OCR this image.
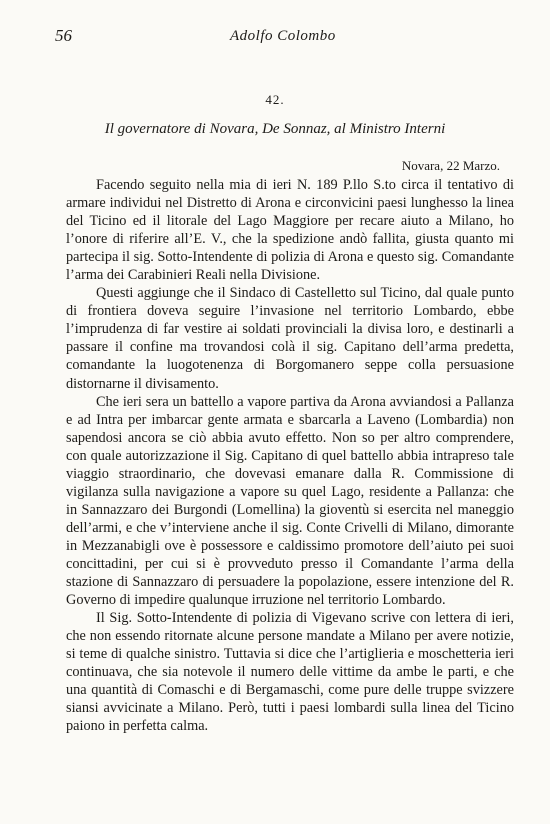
56	Adolfo Colombo
42.
Il governatore di Novara, De Sonnaz, al Ministro Interni
Novara, 22 Marzo.

Facendo seguito nella mia di ieri N. 189 P.llo S.to circa il tentativo di armare individui nel Distretto di Arona e circonvicini paesi lunghesso la linea del Ticino ed il litorale del Lago Maggiore per recare aiuto a Milano, ho l’onore di riferire all’E. V., che la spedizione andò fallita, giusta quanto mi partecipa il sig. Sotto-Intendente di polizia di Arona e questo sig. Comandante l’arma dei Carabinieri Reali nella Divisione.

Questi aggiunge che il Sindaco di Castelletto sul Ticino, dal quale punto di frontiera doveva seguire l’invasione nel territorio Lombardo, ebbe l’imprudenza di far vestire ai soldati provinciali la divisa loro, e destinarli a passare il confine ma trovandosi colà il sig. Capitano dell’arma predetta, comandante la luogotenenza di Borgomanero seppe colla persuasione distornarne il divisamento.

Che ieri sera un battello a vapore partiva da Arona avviandosi a Pallanza e ad Intra per imbarcar gente armata e sbarcarla a Laveno (Lombardia) non sapendosi ancora se ciò abbia avuto effetto. Non so per altro comprendere, con quale autorizzazione il Sig. Capitano di quel battello abbia intrapreso tale viaggio straordinario, che dovevasi emanare dalla R. Commissione di vigilanza sulla navigazione a vapore su quel Lago, residente a Pallanza: che in Sannazzaro dei Burgondi (Lomellina) la gioventù si esercita nel maneggio dell’armi, e che v’interviene anche il sig. Conte Crivelli di Milano, dimorante in Mezzanabigli ove è possessore e caldissimo promotore dell’aiuto pei suoi concittadini, per cui si è provveduto presso il Comandante l’arma della stazione di Sannazzaro di persuadere la popolazione, essere intenzione del R. Governo di impedire qualunque irruzione nel territorio Lombardo.

Il Sig. Sotto-Intendente di polizia di Vigevano scrive con lettera di ieri, che non essendo ritornate alcune persone mandate a Milano per avere notizie, si teme di qualche sinistro. Tuttavia si dice che l’artiglieria e moschetteria ieri continuava, che sia notevole il numero delle vittime da ambe le parti, e che una quantità di Comaschi e di Bergamaschi, come pure delle truppe svizzere siansi avvicinate a Milano. Però, tutti i paesi lombardi sulla linea del Ticino paiono in perfetta calma.
